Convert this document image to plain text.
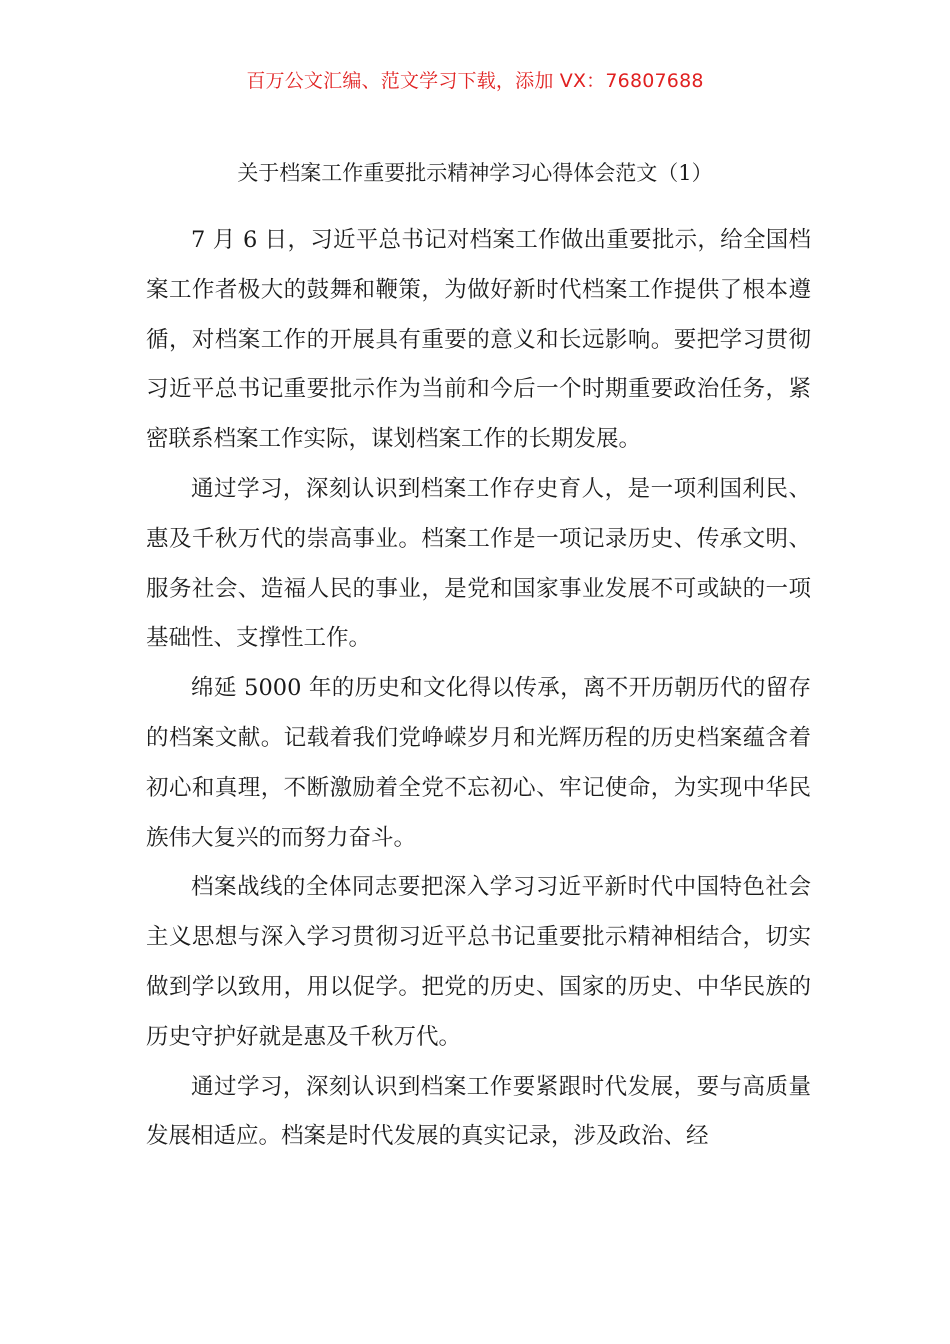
百万公文汇编、范文学习下载，添加 VX：76807688
关于档案工作重要批示精神学习心得体会范文（1）

7 月 6 日，习近平总书记对档案工作做出重要批示，给全国档案工作者极大的鼓舞和鞭策，为做好新时代档案工作提供了根本遵循，对档案工作的开展具有重要的意义和长远影响。要把学习贯彻习近平总书记重要批示作为当前和今后一个时期重要政治任务，紧密联系档案工作实际，谋划档案工作的长期发展。

通过学习，深刻认识到档案工作存史育人，是一项利国利民、惠及千秋万代的崇高事业。档案工作是一项记录历史、传承文明、服务社会、造福人民的事业，是党和国家事业发展不可或缺的一项基础性、支撑性工作。

绵延 5000 年的历史和文化得以传承，离不开历朝历代的留存的档案文献。记载着我们党峥嵘岁月和光辉历程的历史档案蕴含着初心和真理，不断激励着全党不忘初心、牢记使命，为实现中华民族伟大复兴的而努力奋斗。

档案战线的全体同志要把深入学习习近平新时代中国特色社会主义思想与深入学习贯彻习近平总书记重要批示精神相结合，切实做到学以致用，用以促学。把党的历史、国家的历史、中华民族的历史守护好就是惠及千秋万代。

通过学习，深刻认识到档案工作要紧跟时代发展，要与高质量发展相适应。档案是时代发展的真实记录，涉及政治、经
